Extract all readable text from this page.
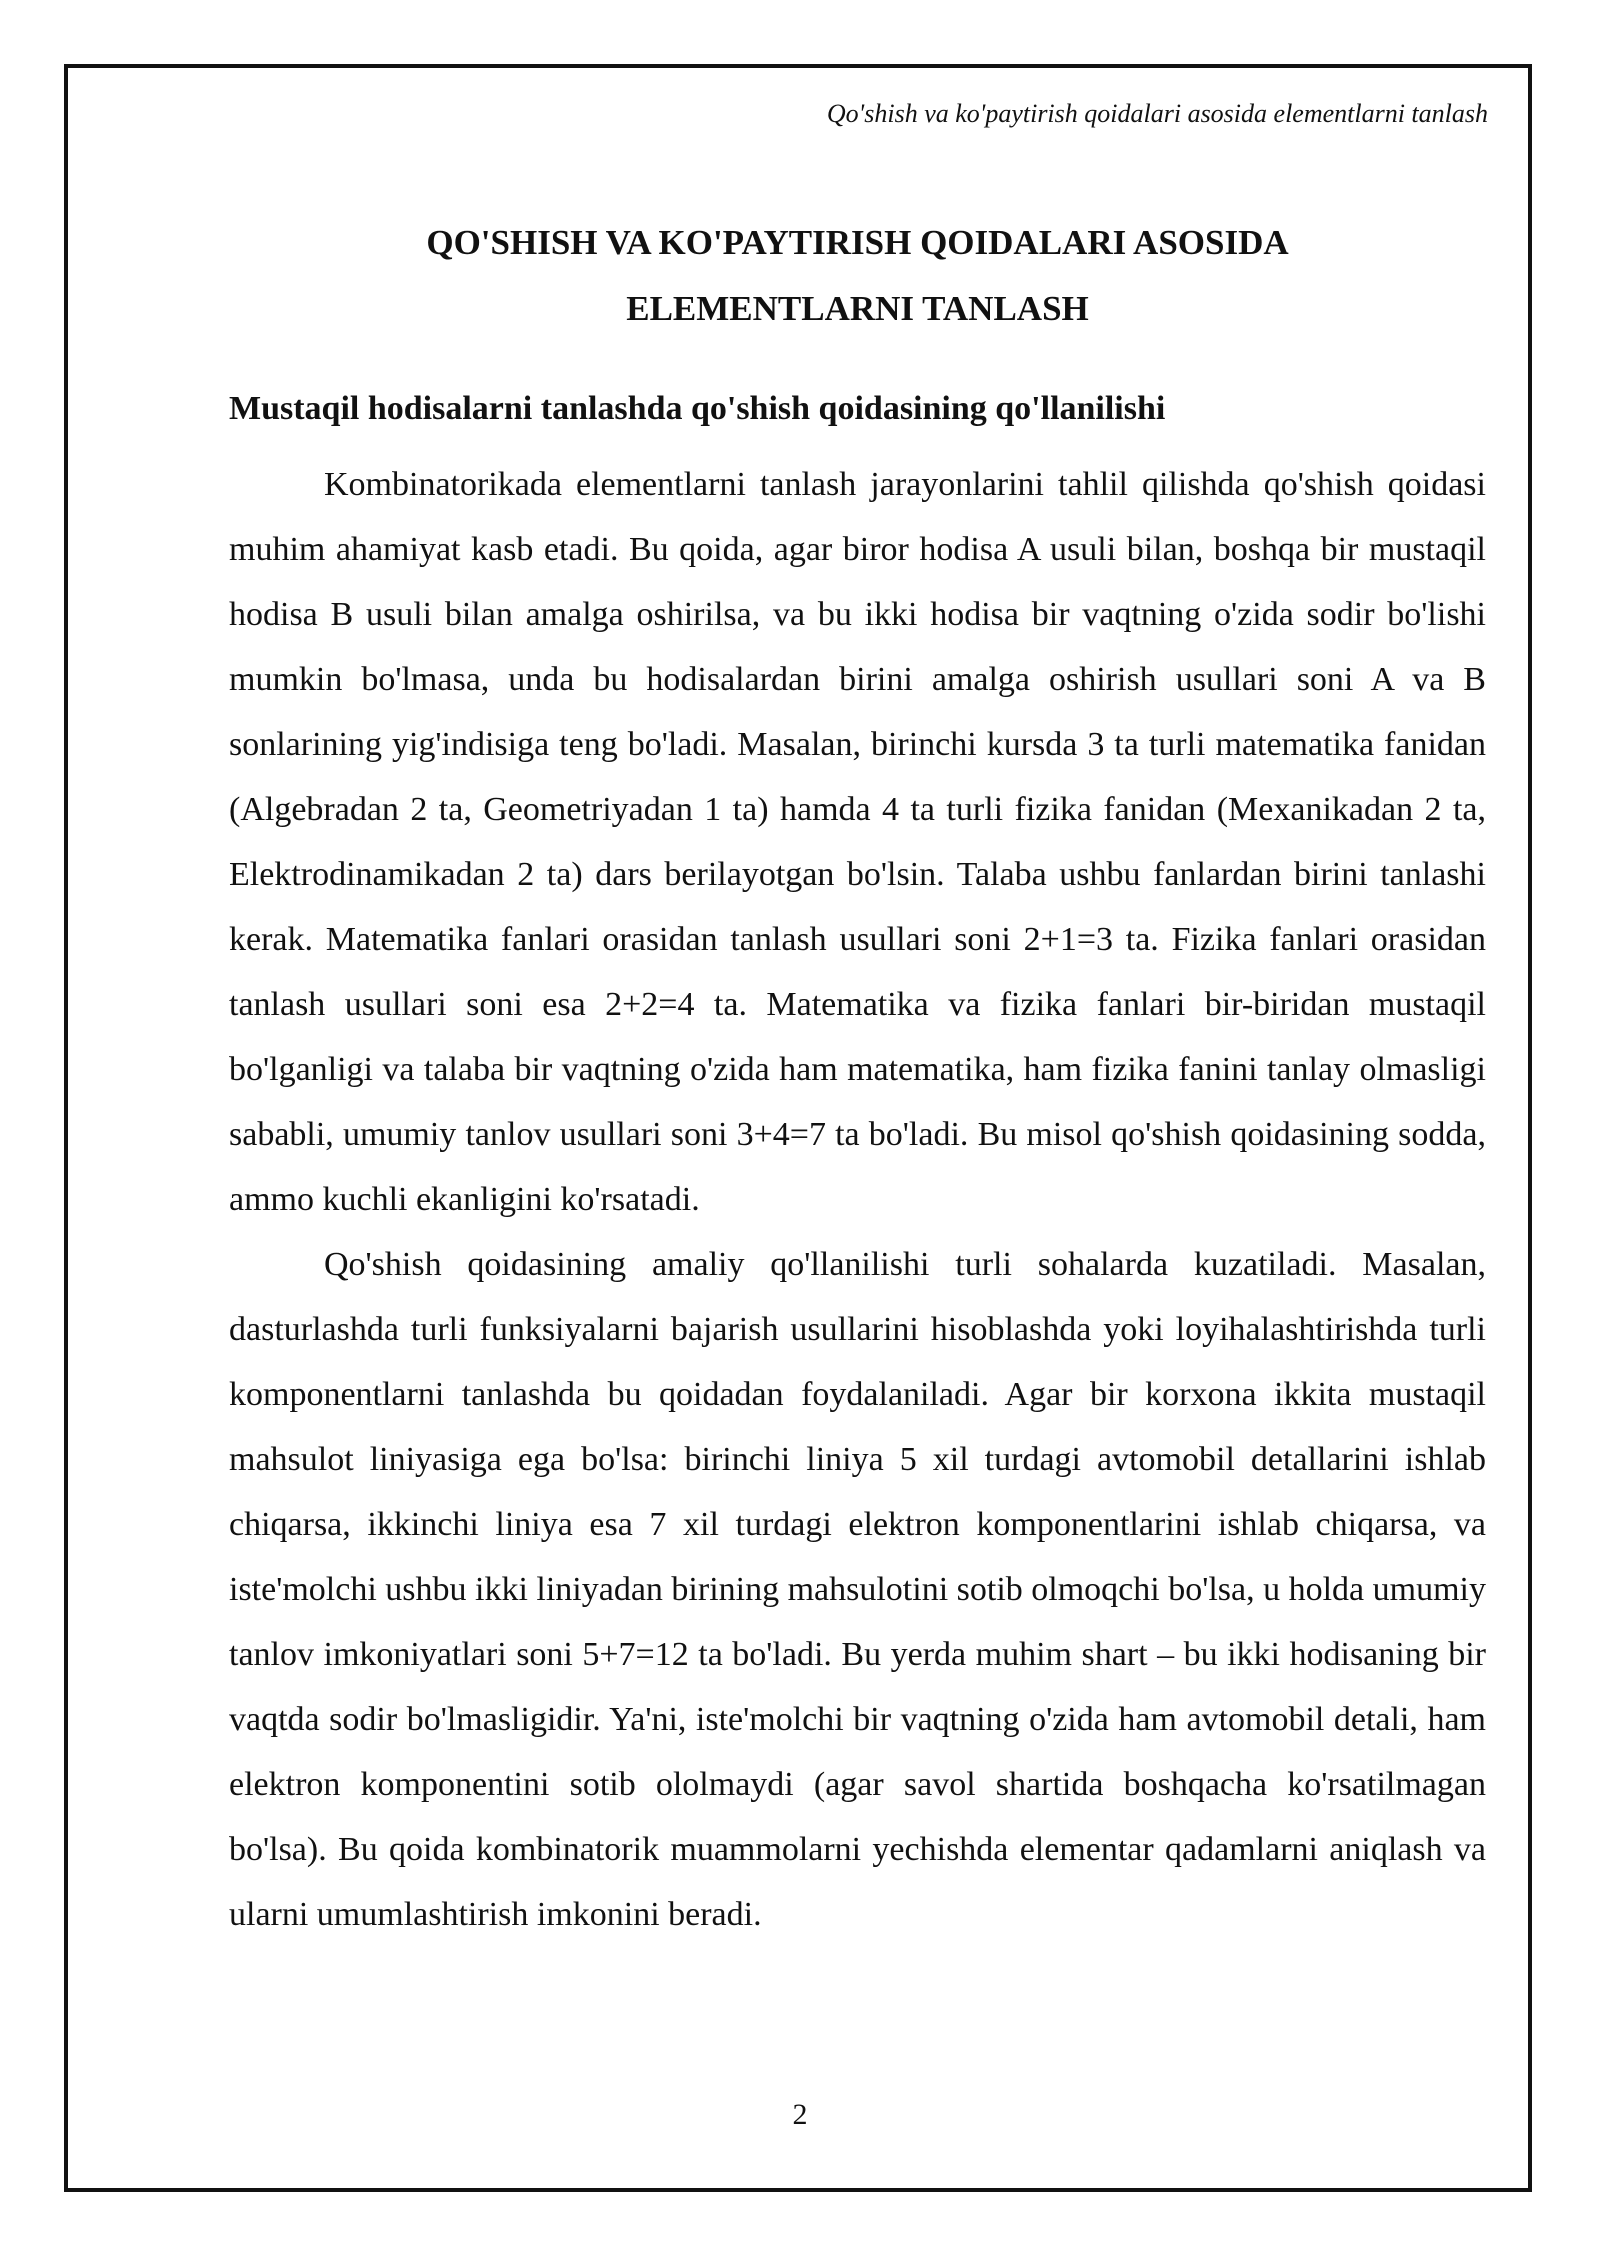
Qo'shish va ko'paytirish qoidalari asosida elementlarni tanlash
QO'SHISH VA KO'PAYTIRISH QOIDALARI ASOSIDA
ELEMENTLARNI TANLASH
Mustaqil hodisalarni tanlashda qo'shish qoidasining qo'llanilishi

Kombinatorikada elementlarni tanlash jarayonlarini tahlil qilishda qo'shish qoidasi muhim ahamiyat kasb etadi. Bu qoida, agar biror hodisa A usuli bilan, boshqa bir mustaqil hodisa B usuli bilan amalga oshirilsa, va bu ikki hodisa bir vaqtning o'zida sodir bo'lishi mumkin bo'lmasa, unda bu hodisalardan birini amalga oshirish usullari soni A va B sonlarining yig'indisiga teng bo'ladi. Masalan, birinchi kursda 3 ta turli matematika fanidan (Algebradan 2 ta, Geometriyadan 1 ta) hamda 4 ta turli fizika fanidan (Mexanikadan 2 ta, Elektrodinamikadan 2 ta) dars berilayotgan bo'lsin. Talaba ushbu fanlardan birini tanlashi kerak. Matematika fanlari orasidan tanlash usullari soni 2+1=3 ta. Fizika fanlari orasidan tanlash usullari soni esa 2+2=4 ta. Matematika va fizika fanlari bir-biridan mustaqil bo'lganligi va talaba bir vaqtning o'zida ham matematika, ham fizika fanini tanlay olmasligi sababli, umumiy tanlov usullari soni 3+4=7 ta bo'ladi. Bu misol qo'shish qoidasining sodda, ammo kuchli ekanligini ko'rsatadi.

Qo'shish qoidasining amaliy qo'llanilishi turli sohalarda kuzatiladi. Masalan, dasturlashda turli funksiyalarni bajarish usullarini hisoblashda yoki loyihalashtirishda turli komponentlarni tanlashda bu qoidadan foydalaniladi. Agar bir korxona ikkita mustaqil mahsulot liniyasiga ega bo'lsa: birinchi liniya 5 xil turdagi avtomobil detallarini ishlab chiqarsa, ikkinchi liniya esa 7 xil turdagi elektron komponentlarini ishlab chiqarsa, va iste'molchi ushbu ikki liniyadan birining mahsulotini sotib olmoqchi bo'lsa, u holda umumiy tanlov imkoniyatlari soni 5+7=12 ta bo'ladi. Bu yerda muhim shart – bu ikki hodisaning bir vaqtda sodir bo'lmasligidir. Ya'ni, iste'molchi bir vaqtning o'zida ham avtomobil detali, ham elektron komponentini sotib ololmaydi (agar savol shartida boshqacha ko'rsatilmagan bo'lsa). Bu qoida kombinatorik muammolarni yechishda elementar qadamlarni aniqlash va ularni umumlashtirish imkonini beradi.

2
